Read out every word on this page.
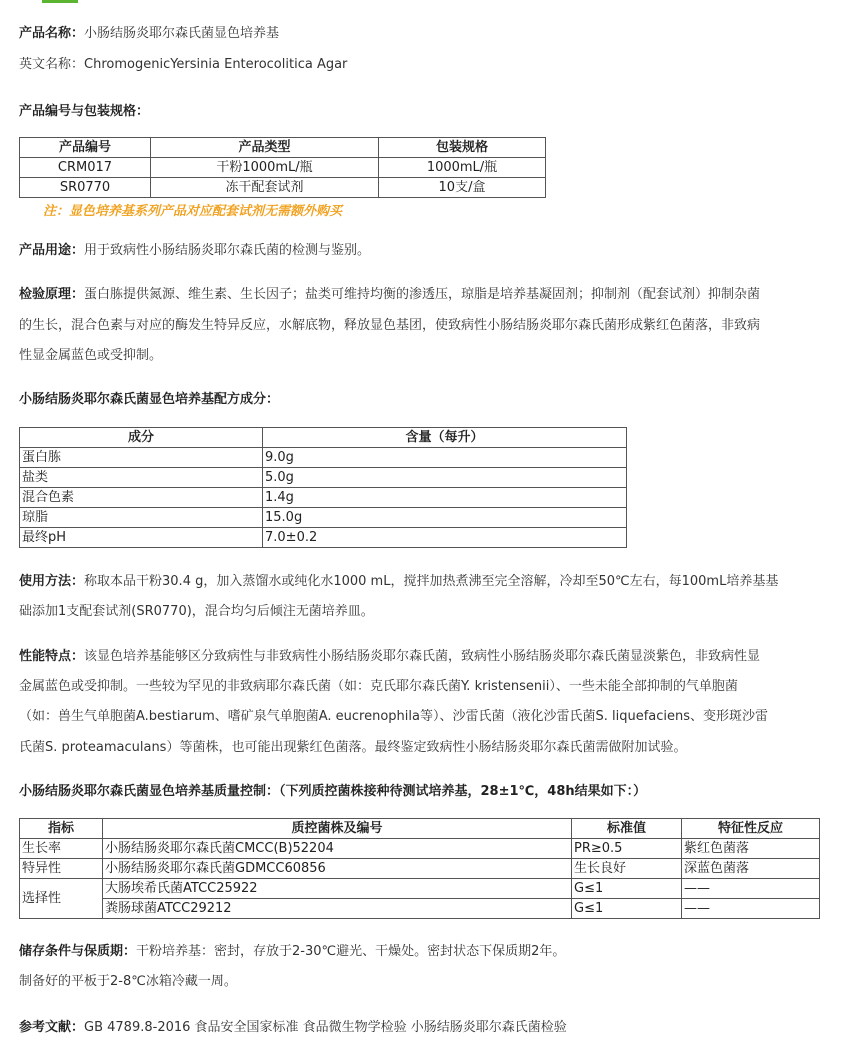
产品名称：小肠结肠炎耶尔森氏菌显色培养基
英文名称：ChromogenicYersinia Enterocolitica Agar
产品编号与包装规格：
产品编号	产品类型	包装规格
CRM017	干粉1000mL/瓶	1000mL/瓶
SR0770	冻干配套试剂	10支/盒
注：显色培养基系列产品对应配套试剂无需额外购买
产品用途：用于致病性小肠结肠炎耶尔森氏菌的检测与鉴别。
检验原理：蛋白胨提供氮源、维生素、生长因子；盐类可维持均衡的渗透压，琼脂是培养基凝固剂；抑制剂（配套试剂）抑制杂菌
的生长，混合色素与对应的酶发生特异反应，水解底物，释放显色基团，使致病性小肠结肠炎耶尔森氏菌形成紫红色菌落，非致病
性显金属蓝色或受抑制。
小肠结肠炎耶尔森氏菌显色培养基配方成分：
成分	含量（每升）
蛋白胨	9.0g
盐类	5.0g
混合色素	1.4g
琼脂	15.0g
最终pH	7.0±0.2
使用方法：称取本品干粉30.4 g，加入蒸馏水或纯化水1000 mL，搅拌加热煮沸至完全溶解，冷却至50℃左右，每100mL培养基基
础添加1支配套试剂(SR0770)，混合均匀后倾注无菌培养皿。
性能特点：该显色培养基能够区分致病性与非致病性小肠结肠炎耶尔森氏菌，致病性小肠结肠炎耶尔森氏菌显淡紫色，非致病性显
金属蓝色或受抑制。一些较为罕见的非致病耶尔森氏菌（如：克氏耶尔森氏菌Y. kristensenii）、一些未能全部抑制的气单胞菌
（如：兽生气单胞菌A.bestiarum、嗜矿泉气单胞菌A. eucrenophila等）、沙雷氏菌（液化沙雷氏菌S. liquefaciens、变形斑沙雷
氏菌S. proteamaculans）等菌株，也可能出现紫红色菌落。最终鉴定致病性小肠结肠炎耶尔森氏菌需做附加试验。
小肠结肠炎耶尔森氏菌显色培养基质量控制：（下列质控菌株接种待测试培养基，28±1℃，48h结果如下：）
指标	质控菌株及编号	标准值	特征性反应
生长率	小肠结肠炎耶尔森氏菌CMCC(B)52204	PR≥0.5	紫红色菌落
特异性	小肠结肠炎耶尔森氏菌GDMCC60856	生长良好	深蓝色菌落
选择性	大肠埃希氏菌ATCC25922	G≤1	——
	粪肠球菌ATCC29212	G≤1	——
储存条件与保质期：干粉培养基：密封，存放于2-30℃避光、干燥处。密封状态下保质期2年。
制备好的平板于2-8℃冰箱冷藏一周。
参考文献：GB 4789.8-2016 食品安全国家标准 食品微生物学检验 小肠结肠炎耶尔森氏菌检验
